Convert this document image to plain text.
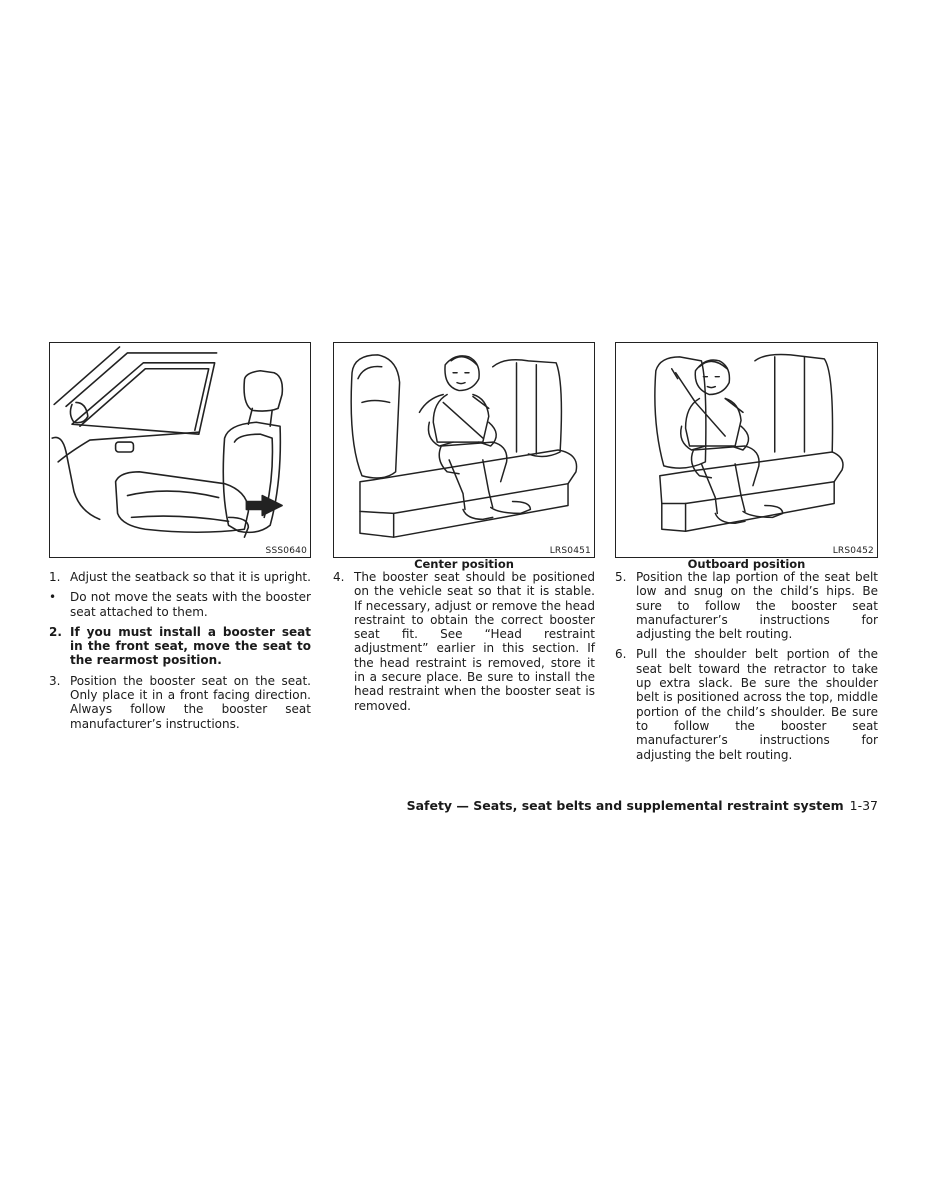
SSS0640	LRS0451	LRS0452
Center position	Outboard position
1. Adjust the seatback so that it is upright.
• Do not move the seats with the booster seat attached to them.
2. If you must install a booster seat in the front seat, move the seat to the rearmost position.
3. Position the booster seat on the seat. Only place it in a front facing direction. Always follow the booster seat manufacturer’s instructions.
4. The booster seat should be positioned on the vehicle seat so that it is stable. If necessary, adjust or remove the head restraint to obtain the correct booster seat fit. See “Head restraint adjustment” earlier in this section. If the head restraint is removed, store it in a secure place. Be sure to install the head restraint when the booster seat is removed.
5. Position the lap portion of the seat belt low and snug on the child’s hips. Be sure to follow the booster seat manufacturer’s instructions for adjusting the belt routing.
6. Pull the shoulder belt portion of the seat belt toward the retractor to take up extra slack. Be sure the shoulder belt is positioned across the top, middle portion of the child’s shoulder. Be sure to follow the booster seat manufacturer’s instructions for adjusting the belt routing.
Safety — Seats, seat belts and supplemental restraint system 1-37
